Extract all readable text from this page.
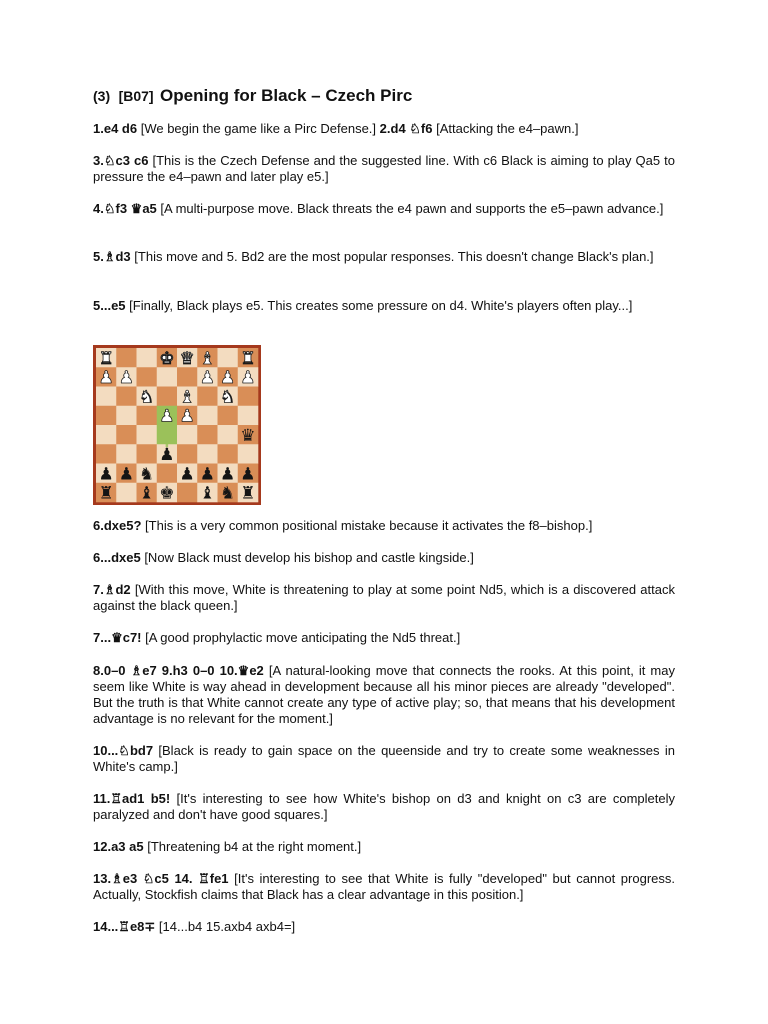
(3) [B07] Opening for Black – Czech Pirc

1.e4 d6 [We begin the game like a Pirc Defense.] 2.d4 ♘f6 [Attacking the e4–pawn.]

3.♘c3 c6 [This is the Czech Defense and the suggested line. With c6 Black is aiming to play Qa5 to pressure the e4–pawn and later play e5.]

4.♘f3 ♛a5 [A multi-purpose move. Black threats the e4 pawn and supports the e5–pawn advance.]

5.♗d3 [This move and 5. Bd2 are the most popular responses. This doesn't change Black's plan.]

5...e5 [Finally, Black plays e5. This creates some pressure on d4. White's players often play...]

♜	♚ ♛ ♝ ♜
♟ ♟	♟ ♟ ♟
♞ ♝ ♞
♟ ♟
♛
♟
♟ ♟ ♞ ♟ ♟ ♟ ♟
♜ ♝ ♚ ♝ ♞ ♜

6.dxe5? [This is a very common positional mistake because it activates the f8–bishop.]

6...dxe5 [Now Black must develop his bishop and castle kingside.]

7.♗d2 [With this move, White is threatening to play at some point Nd5, which is a discovered attack against the black queen.]

7...♛c7! [A good prophylactic move anticipating the Nd5 threat.]

8.0–0 ♗e7 9.h3 0–0 10.♛e2 [A natural-looking move that connects the rooks. At this point, it may seem like White is way ahead in development because all his minor pieces are already "developed". But the truth is that White cannot create any type of active play; so, that means that his development advantage is no relevant for the moment.]

10...♘bd7 [Black is ready to gain space on the queenside and try to create some weaknesses in White's camp.]

11.♖ad1 b5! [It's interesting to see how White's bishop on d3 and knight on c3 are completely paralyzed and don't have good squares.]

12.a3 a5 [Threatening b4 at the right moment.]

13.♗e3 ♘c5 14. ♖fe1 [It's interesting to see that White is fully "developed" but cannot progress. Actually, Stockfish claims that Black has a clear advantage in this position.]

14...♖e8∓ [14...b4 15.axb4 axb4=]
